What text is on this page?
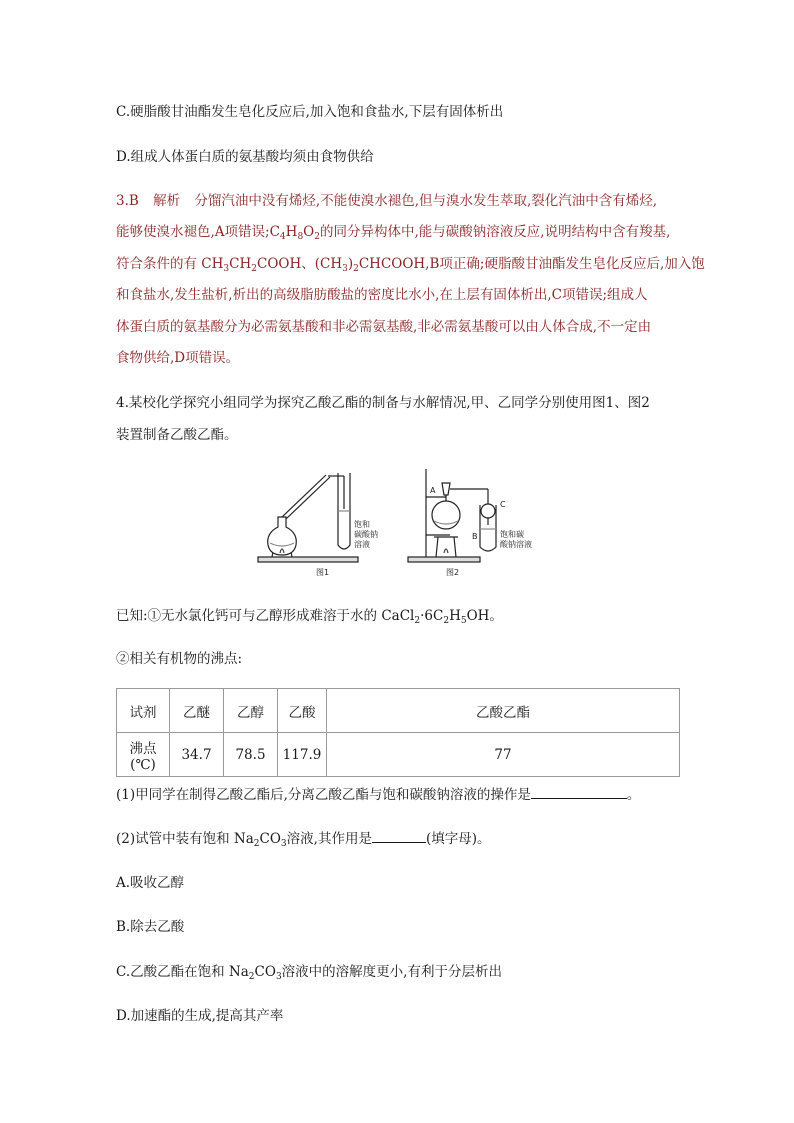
C.硬脂酸甘油酯发生皂化反应后,加入饱和食盐水,下层有固体析出
D.组成人体蛋白质的氨基酸均须由食物供给
3.B 解析 分馏汽油中没有烯烃,不能使溴水褪色,但与溴水发生萃取,裂化汽油中含有烯烃,
能够使溴水褪色,A项错误$;C_4H_8O_2$的同分异构体中,能与碳酸钠溶液反应,说明结构中含有羧基,
符合条件的有 $CH_3CH_2COOH$、$(CH_3)_2CHCOOH,B$项正确;硬脂酸甘油酯发生皂化反应后,加入饱
和食盐水,发生盐析,析出的高级脂肪酸盐的密度比水小,在上层有固体析出,C项错误;组成人
体蛋白质的氨基酸分为必需氨基酸和非必需氨基酸,非必需氨基酸可以由人体合成,不一定由
食物供给,D项错误。
4.某校化学探究小组同学为探究乙酸乙酯的制备与水解情况,甲、乙同学分别使用图1、图2
装置制备乙酸乙酯。
饱和
碳酸钠
溶液
图1
A
B
C
饱和碳
酸钠溶液
图2
已知:①无水氯化钙可与乙醇形成难溶于水的 $CaCl_2\cdot 6C_2H_5OH$。
②相关有机物的沸点:
试剂	乙醚	乙醇	乙酸	乙酸乙酯
沸点(℃)	34.7	78.5	117.9	77
(1)甲同学在制得乙酸乙酯后,分离乙酸乙酯与饱和碳酸钠溶液的操作是	。
(2)试管中装有饱和 $Na_2CO_3$溶液,其作用是	(填字母)。
A.吸收乙醇
B.除去乙酸
C.乙酸乙酯在饱和 $Na_2CO_3$溶液中的溶解度更小,有利于分层析出
D.加速酯的生成,提高其产率
